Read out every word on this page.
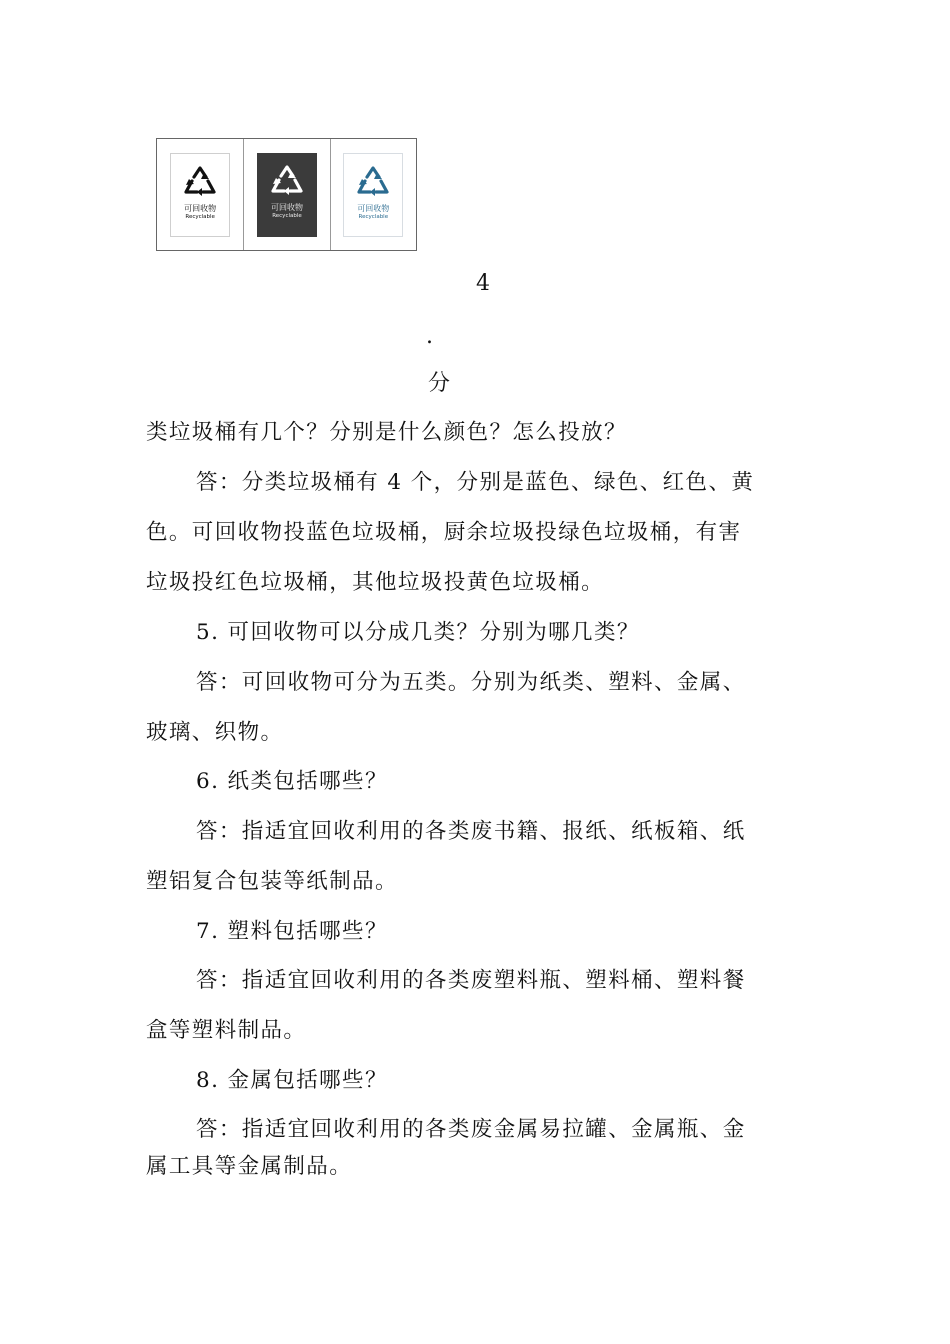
可回收物
Recyclable
可回收物
Recyclable
可回收物
Recyclable
4
.
分
类垃圾桶有几个？分别是什么颜色？怎么投放？
答：分类垃圾桶有 4 个，分别是蓝色、绿色、红色、黄
色。可回收物投蓝色垃圾桶，厨余垃圾投绿色垃圾桶，有害
垃圾投红色垃圾桶，其他垃圾投黄色垃圾桶。
5. 可回收物可以分成几类？分别为哪几类？
答：可回收物可分为五类。分别为纸类、塑料、金属、
玻璃、织物。
6. 纸类包括哪些？
答：指适宜回收利用的各类废书籍、报纸、纸板箱、纸
塑铝复合包装等纸制品。
7. 塑料包括哪些？
答：指适宜回收利用的各类废塑料瓶、塑料桶、塑料餐
盒等塑料制品。
8. 金属包括哪些？
答：指适宜回收利用的各类废金属易拉罐、金属瓶、金
属工具等金属制品。
